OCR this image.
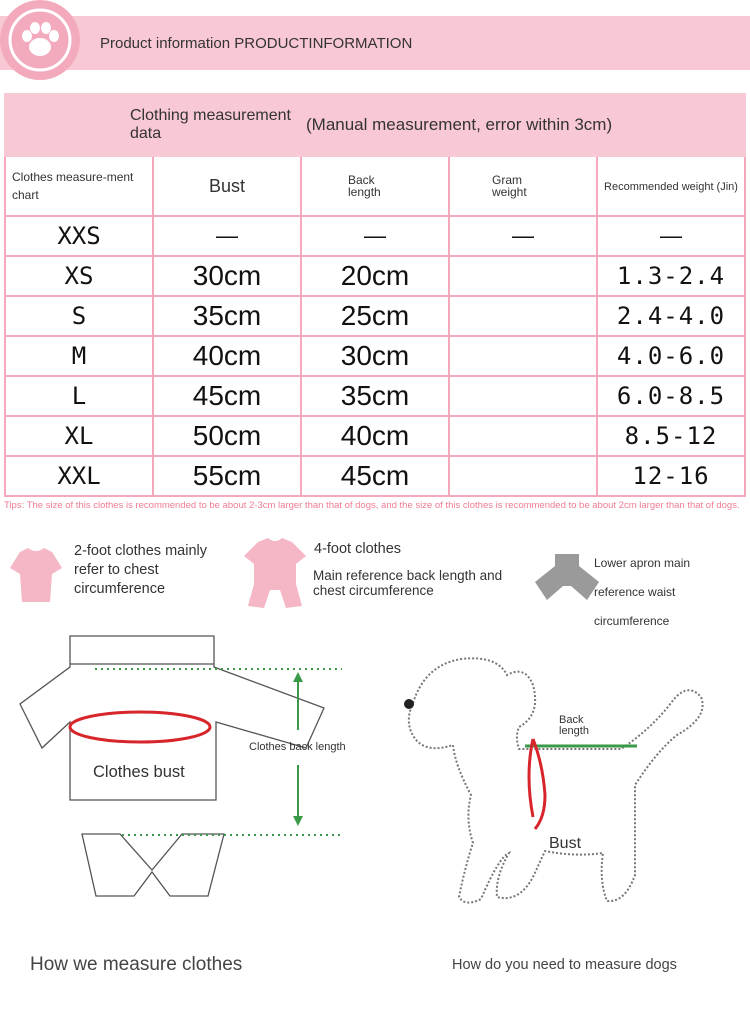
Product information PRODUCTINFORMATION
Clothing measurement data (Manual measurement, error within 3cm)				

Clothes measure-ment chart	Bust	Back length	Gram weight	Recommended weight (Jin)
XXS	—	—	—	—
XS	30cm	20cm		1.3-2.4
S	35cm	25cm		2.4-4.0
M	40cm	30cm		4.0-6.0
L	45cm	35cm		6.0-8.5
XL	50cm	40cm		8.5-12
XXL	55cm	45cm		12-16
Tips: The size of this clothes is recommended to be about 2-3cm larger than that of dogs, and the size of this clothes is recommended to be about 2cm larger than that of dogs.
2-foot clothes mainly refer to chest circumference
4-foot clothes
Main reference back length and chest circumference
Lower apron main reference waist circumference
Clothes bust
Clothes back length
Back length
Bust
How we measure clothes	How do you need to measure dogs
